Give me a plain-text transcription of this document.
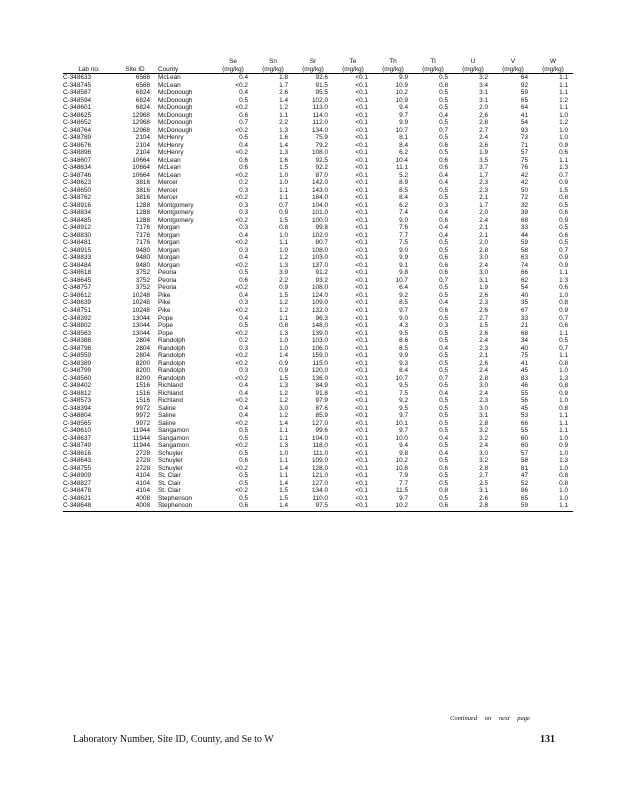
			Se	Sn	Sr	Te	Th	Tl	U	V	W
Lab no.	Site ID	County	(mg/kg)	(mg/kg)	(mg/kg)	(mg/kg)	(mg/kg)	(mg/kg)	(mg/kg)	(mg/kg)	(mg/kg)
C-348633	6568	McLean	0.4	1.8	92.6	<0.1	9.9	0.5	3.2	64	1.1
C-348745	6568	McLean	<0.2	1.7	91.5	<0.1	10.9	0.8	3.4	92	1.1
C-348587	6824	McDonough	0.4	2.6	95.5	<0.1	10.2	0.5	3.1	59	1.1
C-348594	6824	McDonough	0.5	1.4	102.0	<0.1	10.9	0.5	3.1	65	1.2
C-348601	6824	McDonough	<0.2	1.2	113.0	<0.1	9.4	0.5	2.0	64	1.1
C-348625	12968	McDonough	0.6	1.1	114.0	<0.1	9.7	0.4	2.6	41	1.0
C-348652	12968	McDonough	0.7	2.2	112.0	<0.1	9.9	0.5	2.8	54	1.2
C-348764	12968	McDonough	<0.2	1.3	134.0	<0.1	10.7	0.7	2.7	93	1.0
C-348789	2104	McHenry	0.5	1.6	75.9	<0.1	8.1	0.5	2.4	73	1.0
C-348676	2104	McHenry	0.4	1.4	79.2	<0.1	8.4	0.6	2.6	71	0.9
C-348896	2104	McHenry	<0.2	1.3	108.0	<0.1	6.2	0.5	1.9	57	0.6
C-348607	10664	McLean	0.6	1.6	92.5	<0.1	10.4	0.6	3.5	75	1.1
C-348634	10664	McLean	0.6	1.5	92.2	<0.1	11.1	0.6	3.7	76	1.3
C-348746	10664	McLean	<0.2	1.0	87.0	<0.1	5.2	0.4	1.7	42	0.7
C-348623	3816	Mercer	0.2	1.0	142.0	<0.1	8.9	0.4	2.3	42	0.9
C-348650	3816	Mercer	0.3	1.1	143.0	<0.1	8.5	0.5	2.3	50	1.5
C-348762	3816	Mercer	<0.2	1.1	184.0	<0.1	8.4	0.5	2.1	72	0.8
C-348916	1288	Montgomery	0.3	0.7	104.0	<0.1	6.2	0.3	1.7	32	0.5
C-348834	1288	Montgomery	0.3	0.9	101.0	<0.1	7.4	0.4	2.0	39	0.6
C-348485	1288	Montgomery	<0.2	1.5	100.0	<0.1	9.0	0.6	2.4	68	0.9
C-348912	7176	Morgan	0.3	0.8	99.8	<0.1	7.6	0.4	2.1	33	0.5
C-348830	7176	Morgan	0.4	1.0	102.0	<0.1	7.7	0.4	2.1	44	0.6
C-348481	7176	Morgan	<0.2	1.1	80.7	<0.1	7.5	0.5	2.0	59	0.5
C-348915	9480	Morgan	0.3	1.0	108.0	<0.1	9.0	0.5	2.8	58	0.7
C-348833	9480	Morgan	0.4	1.2	103.0	<0.1	9.9	0.6	3.0	63	0.9
C-348484	9480	Morgan	<0.2	1.3	137.0	<0.1	9.1	0.6	2.4	74	0.9
C-348618	3752	Peoria	0.5	3.9	91.2	<0.1	9.8	0.6	3.0	66	1.1
C-348645	3752	Peoria	0.6	2.2	93.2	<0.1	10.7	0.7	3.1	62	1.3
C-348757	3752	Peoria	<0.2	0.9	108.0	<0.1	6.4	0.5	1.9	54	0.6
C-348612	10248	Pike	0.4	1.5	124.0	<0.1	9.2	0.5	2.6	40	1.0
C-348639	10248	Pike	0.3	1.2	109.0	<0.1	8.5	0.4	2.3	35	0.8
C-348751	10248	Pike	<0.2	1.2	132.0	<0.1	9.7	0.6	2.6	67	0.9
C-348392	13044	Pope	0.4	1.1	96.3	<0.1	9.0	0.5	2.7	33	0.7
C-348802	13044	Pope	0.5	0.8	148.0	<0.1	4.3	0.3	1.5	21	0.6
C-348563	13044	Pope	<0.2	1.3	139.0	<0.1	9.5	0.5	2.6	68	1.1
C-348388	2804	Randolph	0.2	1.0	103.0	<0.1	8.6	0.5	2.4	34	0.5
C-348798	2804	Randolph	0.3	1.0	106.0	<0.1	8.5	0.4	2.3	40	0.7
C-348559	2804	Randolph	<0.2	1.4	159.0	<0.1	9.9	0.5	2.1	75	1.1
C-348389	8200	Randolph	<0.2	0.9	115.0	<0.1	9.3	0.5	2.6	41	0.8
C-348799	8200	Randolph	0.3	0.9	120.0	<0.1	8.4	0.5	2.4	45	1.0
C-348560	8200	Randolph	<0.2	1.5	136.0	<0.1	10.7	0.7	2.8	83	1.3
C-348402	1516	Richland	0.4	1.3	84.9	<0.1	9.5	0.5	3.0	46	0.8
C-348812	1516	Richland	0.4	1.2	91.8	<0.1	7.5	0.4	2.4	55	0.9
C-348573	1516	Richland	<0.2	1.2	97.9	<0.1	9.2	0.5	2.3	56	1.0
C-348394	9972	Saline	0.4	3.0	87.6	<0.1	9.5	0.5	3.0	45	0.8
C-348804	9972	Saline	0.4	1.2	85.9	<0.1	9.7	0.5	3.1	53	1.1
C-348565	9972	Saline	<0.2	1.4	127.0	<0.1	10.1	0.5	2.8	66	1.1
C-348610	11944	Sangamon	0.5	1.1	99.6	<0.1	9.7	0.5	3.2	55	1.1
C-348637	11944	Sangamon	0.5	1.1	104.0	<0.1	10.0	0.4	3.2	60	1.0
C-348749	11944	Sangamon	<0.2	1.3	118.0	<0.1	9.4	0.5	2.4	60	0.9
C-348616	2728	Schuyler	0.5	1.0	111.0	<0.1	9.8	0.4	3.0	57	1.0
C-348643	2728	Schuyler	0.6	1.1	109.0	<0.1	10.2	0.5	3.2	58	1.3
C-348755	2728	Schuyler	<0.2	1.4	128.0	<0.1	10.8	0.6	2.8	81	1.0
C-348909	4104	St. Clair	0.5	1.1	121.0	<0.1	7.9	0.5	2.7	47	0.8
C-348827	4104	St. Clair	0.5	1.4	127.0	<0.1	7.7	0.5	2.5	52	0.8
C-348478	4104	St. Clair	<0.2	1.5	134.0	<0.1	11.5	0.8	3.1	86	1.0
C-348621	4008	Stephenson	0.5	1.5	110.0	<0.1	9.7	0.5	2.6	65	1.0
C-348648	4008	Stephenson	0.6	1.4	97.5	<0.1	10.2	0.6	2.8	59	1.1
Continued on next page
Laboratory Number, Site ID, County, and Se to W	131
